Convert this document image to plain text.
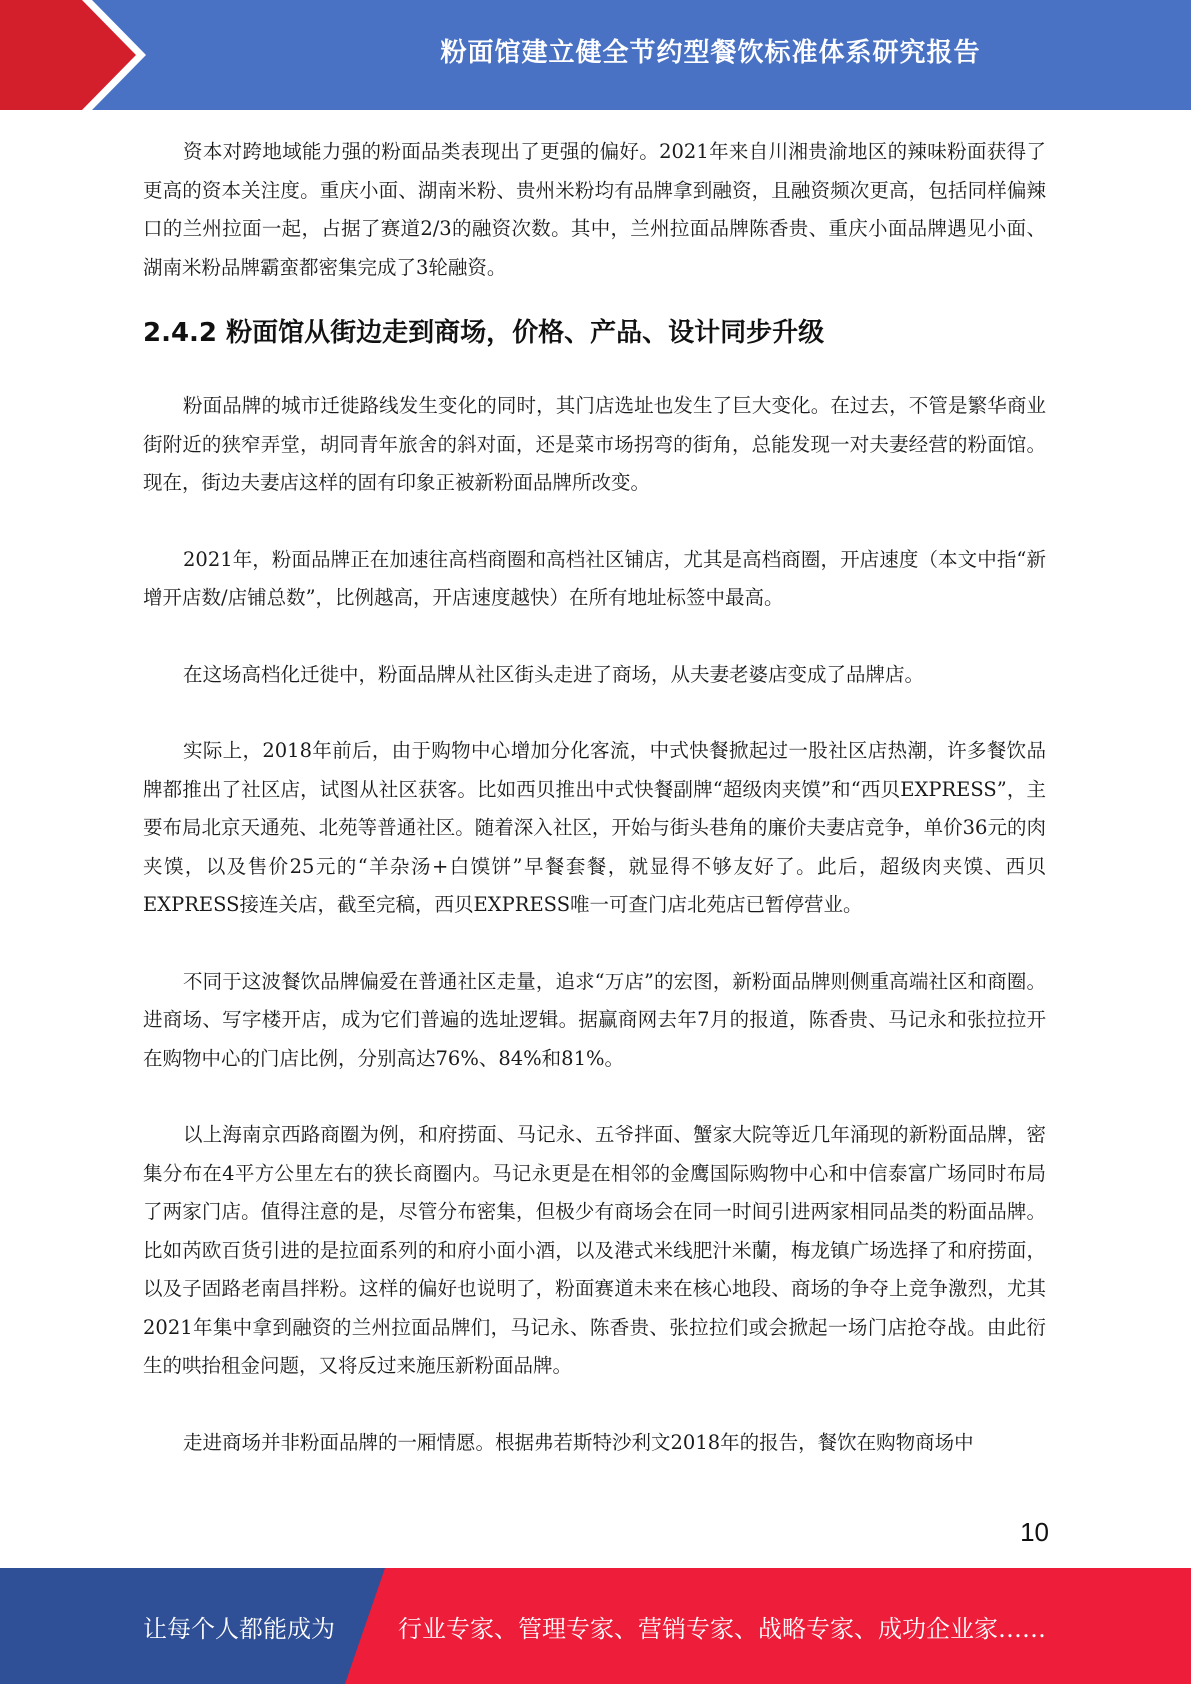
粉面馆建立健全节约型餐饮标准体系研究报告

资本对跨地域能力强的粉面品类表现出了更强的偏好。2021年来自川湘贵渝地区的辣味粉面获得了更高的资本关注度。重庆小面、湖南米粉、贵州米粉均有品牌拿到融资，且融资频次更高，包括同样偏辣口的兰州拉面一起，占据了赛道2/3的融资次数。其中，兰州拉面品牌陈香贵、重庆小面品牌遇见小面、湖南米粉品牌霸蛮都密集完成了3轮融资。

2.4.2 粉面馆从街边走到商场，价格、产品、设计同步升级

粉面品牌的城市迁徙路线发生变化的同时，其门店选址也发生了巨大变化。在过去，不管是繁华商业街附近的狭窄弄堂，胡同青年旅舍的斜对面，还是菜市场拐弯的街角，总能发现一对夫妻经营的粉面馆。现在，街边夫妻店这样的固有印象正被新粉面品牌所改变。

2021年，粉面品牌正在加速往高档商圈和高档社区铺店，尤其是高档商圈，开店速度（本文中指“新增开店数/店铺总数”，比例越高，开店速度越快）在所有地址标签中最高。

在这场高档化迁徙中，粉面品牌从社区街头走进了商场，从夫妻老婆店变成了品牌店。

实际上，2018年前后，由于购物中心增加分化客流，中式快餐掀起过一股社区店热潮，许多餐饮品牌都推出了社区店，试图从社区获客。比如西贝推出中式快餐副牌“超级肉夹馍”和“西贝EXPRESS”，主要布局北京天通苑、北苑等普通社区。随着深入社区，开始与街头巷角的廉价夫妻店竞争，单价36元的肉夹馍，以及售价25元的“羊杂汤+白馍饼”早餐套餐，就显得不够友好了。此后，超级肉夹馍、西贝EXPRESS接连关店，截至完稿，西贝EXPRESS唯一可查门店北苑店已暂停营业。

不同于这波餐饮品牌偏爱在普通社区走量，追求“万店”的宏图，新粉面品牌则侧重高端社区和商圈。进商场、写字楼开店，成为它们普遍的选址逻辑。据赢商网去年7月的报道，陈香贵、马记永和张拉拉开在购物中心的门店比例，分别高达76%、84%和81%。

以上海南京西路商圈为例，和府捞面、马记永、五爷拌面、蟹家大院等近几年涌现的新粉面品牌，密集分布在4平方公里左右的狭长商圈内。马记永更是在相邻的金鹰国际购物中心和中信泰富广场同时布局了两家门店。值得注意的是，尽管分布密集，但极少有商场会在同一时间引进两家相同品类的粉面品牌。比如芮欧百货引进的是拉面系列的和府小面小酒，以及港式米线肥汁米蘭，梅龙镇广场选择了和府捞面，以及子固路老南昌拌粉。这样的偏好也说明了，粉面赛道未来在核心地段、商场的争夺上竞争激烈，尤其2021年集中拿到融资的兰州拉面品牌们，马记永、陈香贵、张拉拉们或会掀起一场门店抢夺战。由此衍生的哄抬租金问题，又将反过来施压新粉面品牌。

走进商场并非粉面品牌的一厢情愿。根据弗若斯特沙利文2018年的报告，餐饮在购物商场中

10
让每个人都能成为	行业专家、管理专家、营销专家、战略专家、成功企业家……
